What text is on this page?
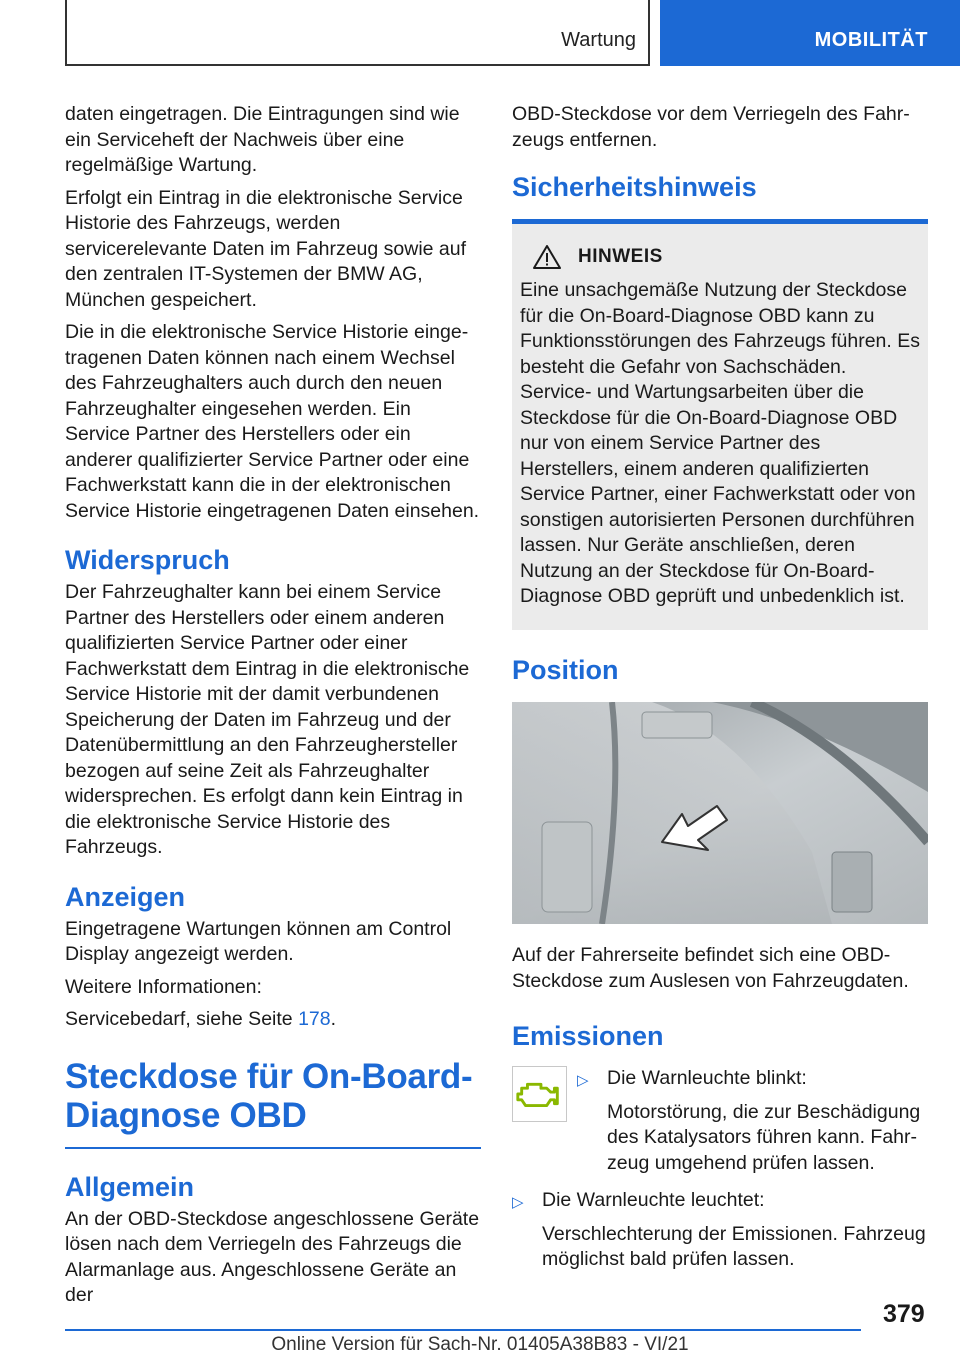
Wartung	MOBILITÄT

daten eingetragen. Die Eintragungen sind wie ein Serviceheft der Nachweis über eine regelmäßige Wartung.

Erfolgt ein Eintrag in die elektronische Service Historie des Fahrzeugs, werden servicerelevante Daten im Fahrzeug sowie auf den zentralen IT-Systemen der BMW AG, München gespeichert.

Die in die elektronische Service Historie eingetragenen Daten können nach einem Wechsel des Fahrzeughalters auch durch den neuen Fahrzeughalter eingesehen werden. Ein Service Partner des Herstellers oder ein anderer qualifizierter Service Partner oder eine Fachwerkstatt kann die in der elektronischen Service Historie eingetragenen Daten einsehen.

Widerspruch

Der Fahrzeughalter kann bei einem Service Partner des Herstellers oder einem anderen qualifizierten Service Partner oder einer Fachwerkstatt dem Eintrag in die elektronische Service Historie mit der damit verbundenen Speicherung der Daten im Fahrzeug und der Datenübermittlung an den Fahrzeughersteller bezogen auf seine Zeit als Fahrzeughalter widersprechen. Es erfolgt dann kein Eintrag in die elektronische Service Historie des Fahrzeugs.

Anzeigen

Eingetragene Wartungen können am Control Display angezeigt werden.

Weitere Informationen:

Servicebedarf, siehe Seite 178.

Steckdose für On-Board-Diagnose OBD
Allgemein

An der OBD-Steckdose angeschlossene Geräte lösen nach dem Verriegeln des Fahrzeugs die Alarmanlage aus. Angeschlossene Geräte an der

OBD-Steckdose vor dem Verriegeln des Fahrzeugs entfernen.

Sicherheitshinweis
HINWEIS
Eine unsachgemäße Nutzung der Steckdose für die On-Board-Diagnose OBD kann zu Funktionsstörungen des Fahrzeugs führen. Es besteht die Gefahr von Sachschäden. Service- und Wartungsarbeiten über die Steckdose für die On-Board-Diagnose OBD nur von einem Service Partner des Herstellers, einem anderen qualifizierten Service Partner, einer Fachwerkstatt oder von sonstigen autorisierten Personen durchführen lassen. Nur Geräte anschließen, deren Nutzung an der Steckdose für On-Board-Diagnose OBD geprüft und unbedenklich ist.
Position

Auf der Fahrerseite befindet sich eine OBD-Steckdose zum Auslesen von Fahrzeugdaten.

Emissionen
▷ Die Warnleuchte blinkt:
Motorstörung, die zur Beschädigung des Katalysators führen kann. Fahrzeug umgehend prüfen lassen.
▷ Die Warnleuchte leuchtet:
Verschlechterung der Emissionen. Fahrzeug möglichst bald prüfen lassen.
379
Online Version für Sach-Nr. 01405A38B83 - VI/21
